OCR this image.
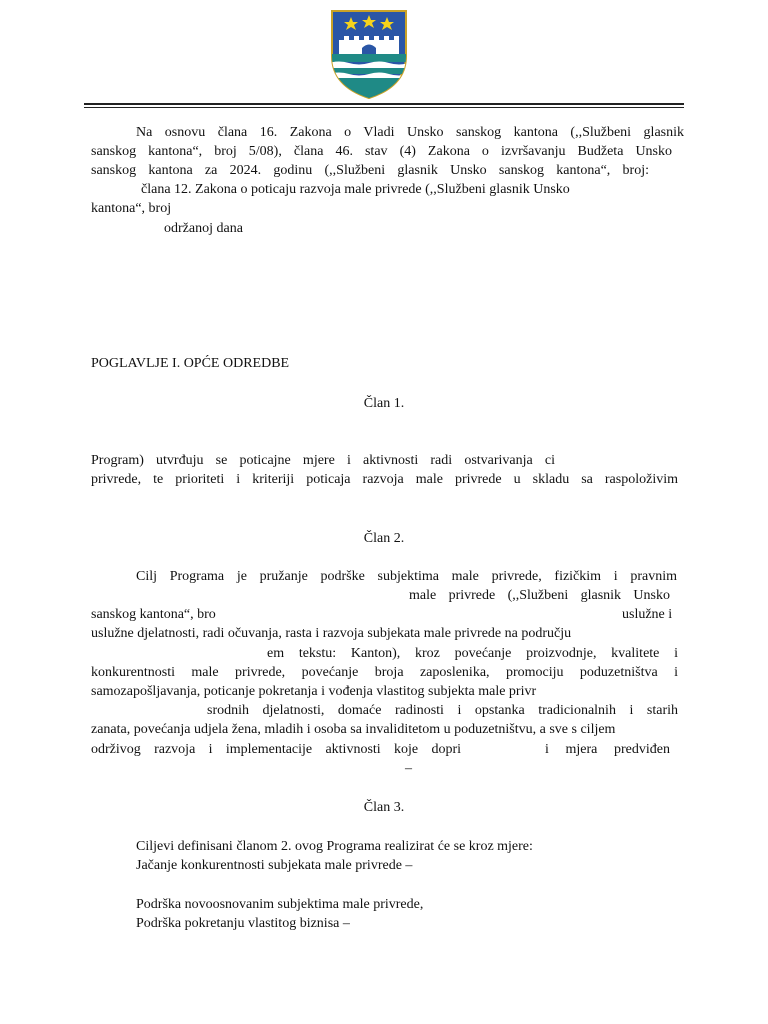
Na osnovu člana 16. Zakona o Vladi Unsko sanskog kantona (,,Službeni glasnik
sanskog kantona“, broj 5/08), člana 46. stav (4) Zakona o izvršavanju Budžeta Unsko
sanskog kantona za 2024. godinu (,,Službeni glasnik Unsko sanskog kantona“, broj:
člana 12. Zakona o poticaju razvoja male privrede (,,Službeni glasnik Unsko
kantona“, broj
održanoj dana
POGLAVLJE I. OPĆE ODREDBE
Član 1.
Program) utvrđuju se poticajne mjere i aktivnosti radi ostvarivanja ci
privrede, te prioriteti i kriteriji poticaja razvoja male privrede u skladu sa raspoloživim
Član 2.
Cilj Programa je pružanje podrške subjektima male privrede, fizičkim i pravnim
male privrede (,,Službeni glasnik Unsko
sanskog kantona“, bro	uslužne i
uslužne djelatnosti, radi očuvanja, rasta i razvoja subjekata male privrede na području
em tekstu: Kanton), kroz povećanje proizvodnje, kvalitete i
konkurentnosti male privrede, povećanje broja zaposlenika, promociju poduzetništva i
samozapošljavanja, poticanje pokretanja i vođenja vlastitog subjekta male privr
srodnih djelatnosti, domaće radinosti i opstanka tradicionalnih i starih
zanata, povećanja udjela žena, mladih i osoba sa invaliditetom u poduzetništvu, a sve s ciljem
održivog razvoja i implementacije aktivnosti koje dopri	i mjera predviđen
–
Član 3.
Ciljevi definisani članom 2. ovog Programa realizirat će se kroz mjere:
Jačanje konkurentnosti subjekata male privrede –
Podrška novoosnovanim subjektima male privrede,
Podrška pokretanju vlastitog biznisa –
